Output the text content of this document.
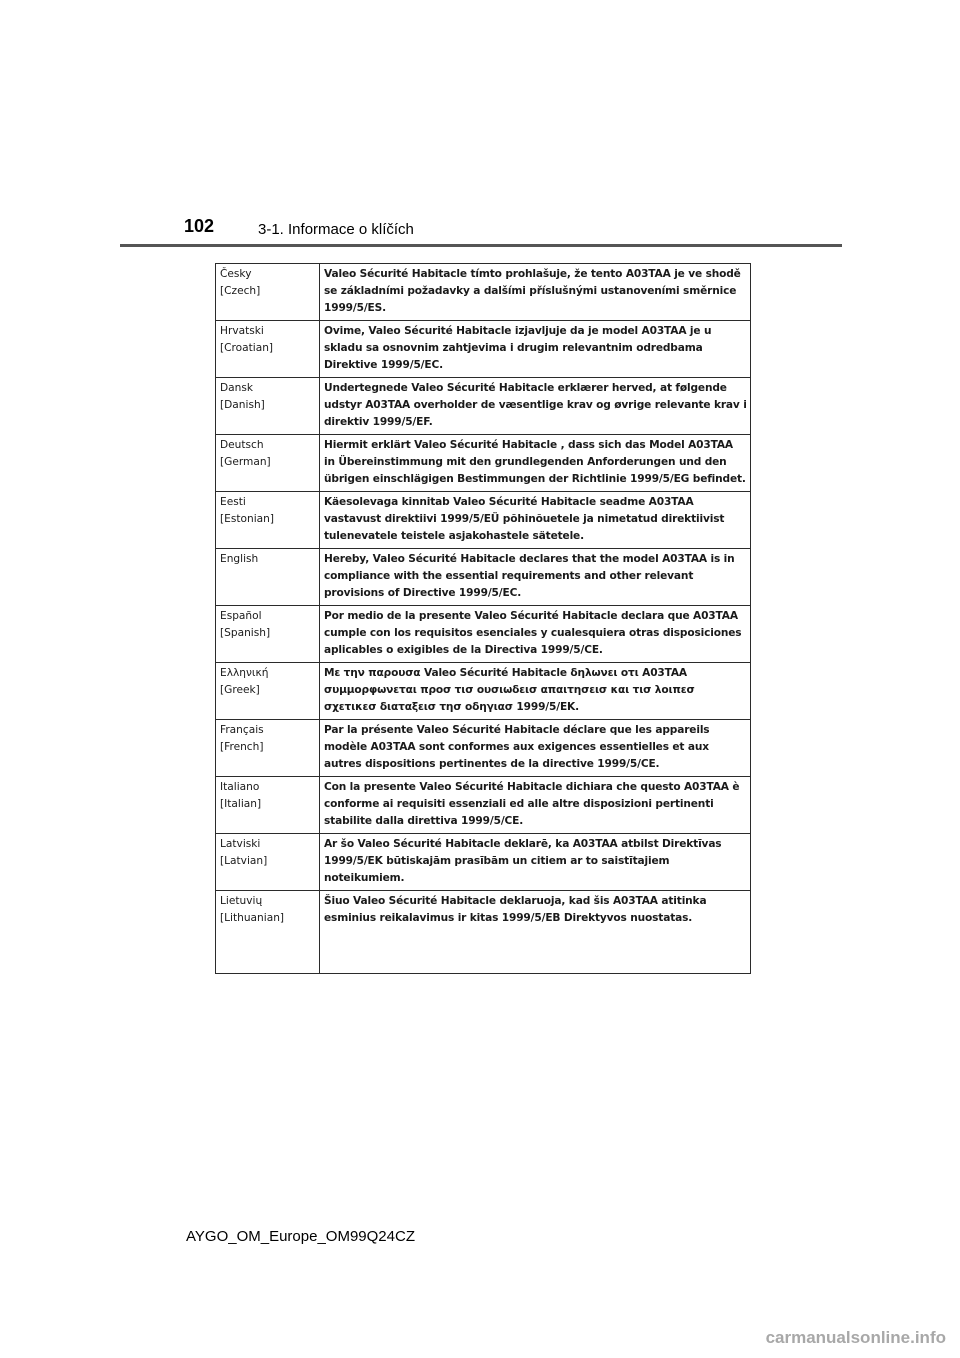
102	3-1. Informace o klíčích
Česky
[Czech]	Valeo Sécurité Habitacle tímto prohlašuje, že tento A03TAA je ve shodě se základními požadavky a dalšími příslušnými ustanoveními směrnice 1999/5/ES.

Hrvatski
[Croatian]	Ovime, Valeo Sécurité Habitacle izjavljuje da je model A03TAA je u skladu sa osnovnim zahtjevima i drugim relevantnim odredbama Direktive 1999/5/EC.

Dansk
[Danish]	Undertegnede Valeo Sécurité Habitacle erklærer herved, at følgende udstyr A03TAA overholder de væsentlige krav og øvrige relevante krav i direktiv 1999/5/EF.

Deutsch
[German]	Hiermit erklärt Valeo Sécurité Habitacle , dass sich das Model A03TAA in Übereinstimmung mit den grundlegenden Anforderungen und den übrigen einschlägigen Bestimmungen der Richtlinie 1999/5/EG befindet.

Eesti
[Estonian]	Käesolevaga kinnitab Valeo Sécurité Habitacle seadme A03TAA vastavust direktiivi 1999/5/EÜ põhinõuetele ja nimetatud direktiivist tulenevatele teistele asjakohastele sätetele.

English	Hereby, Valeo Sécurité Habitacle declares that the model A03TAA is in compliance with the essential requirements and other relevant provisions of Directive 1999/5/EC.

Español
[Spanish]	Por medio de la presente Valeo Sécurité Habitacle declara que A03TAA cumple con los requisitos esenciales y cualesquiera otras disposiciones aplicables o exigibles de la Directiva 1999/5/CE.

Ελληνική
[Greek]	Με την παρουσα Valeo Sécurité Habitacle δηλωνει οτι A03TAA συμμορφωνεται προσ τισ ουσιωδεισ απαιτησεισ και τισ λοιπεσ σχετικεσ διαταξεισ τησ οδηγιασ 1999/5/ΕΚ.

Français
[French]	Par la présente Valeo Sécurité Habitacle déclare que les appareils modèle A03TAA sont conformes aux exigences essentielles et aux autres dispositions pertinentes de la directive 1999/5/CE.

Italiano
[Italian]	Con la presente Valeo Sécurité Habitacle dichiara che questo A03TAA è conforme ai requisiti essenziali ed alle altre disposizioni pertinenti stabilite dalla direttiva 1999/5/CE.

Latviski
[Latvian]	Ar šo Valeo Sécurité Habitacle deklarē, ka A03TAA atbilst Direktīvas 1999/5/EK būtiskajām prasībām un citiem ar to saistītajiem noteikumiem.

Lietuvių
[Lithuanian]	Šiuo Valeo Sécurité Habitacle deklaruoja, kad šis A03TAA atitinka esminius reikalavimus ir kitas 1999/5/EB Direktyvos nuostatas.
AYGO_OM_Europe_OM99Q24CZ
carmanualsonline.info
